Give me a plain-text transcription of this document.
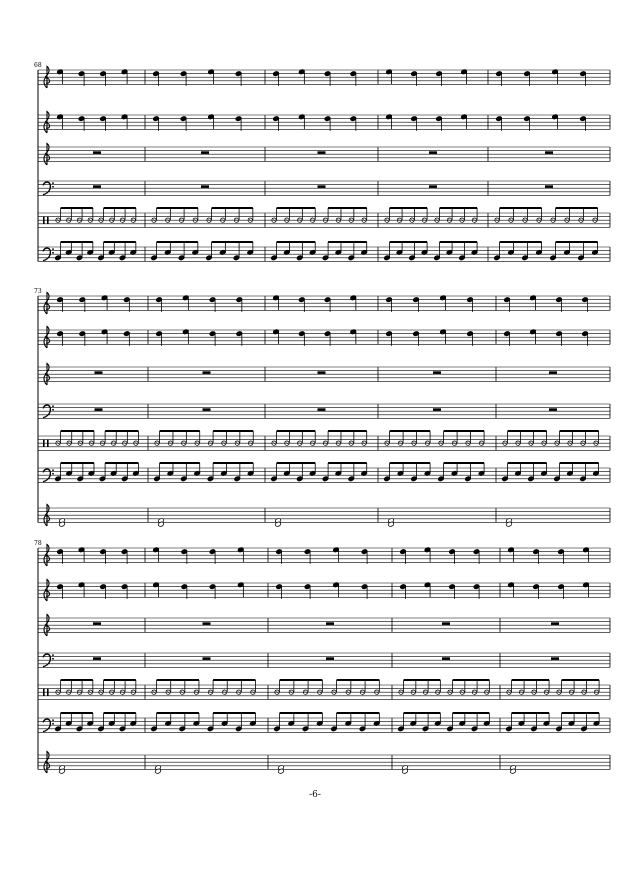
68
73
78
-6-
